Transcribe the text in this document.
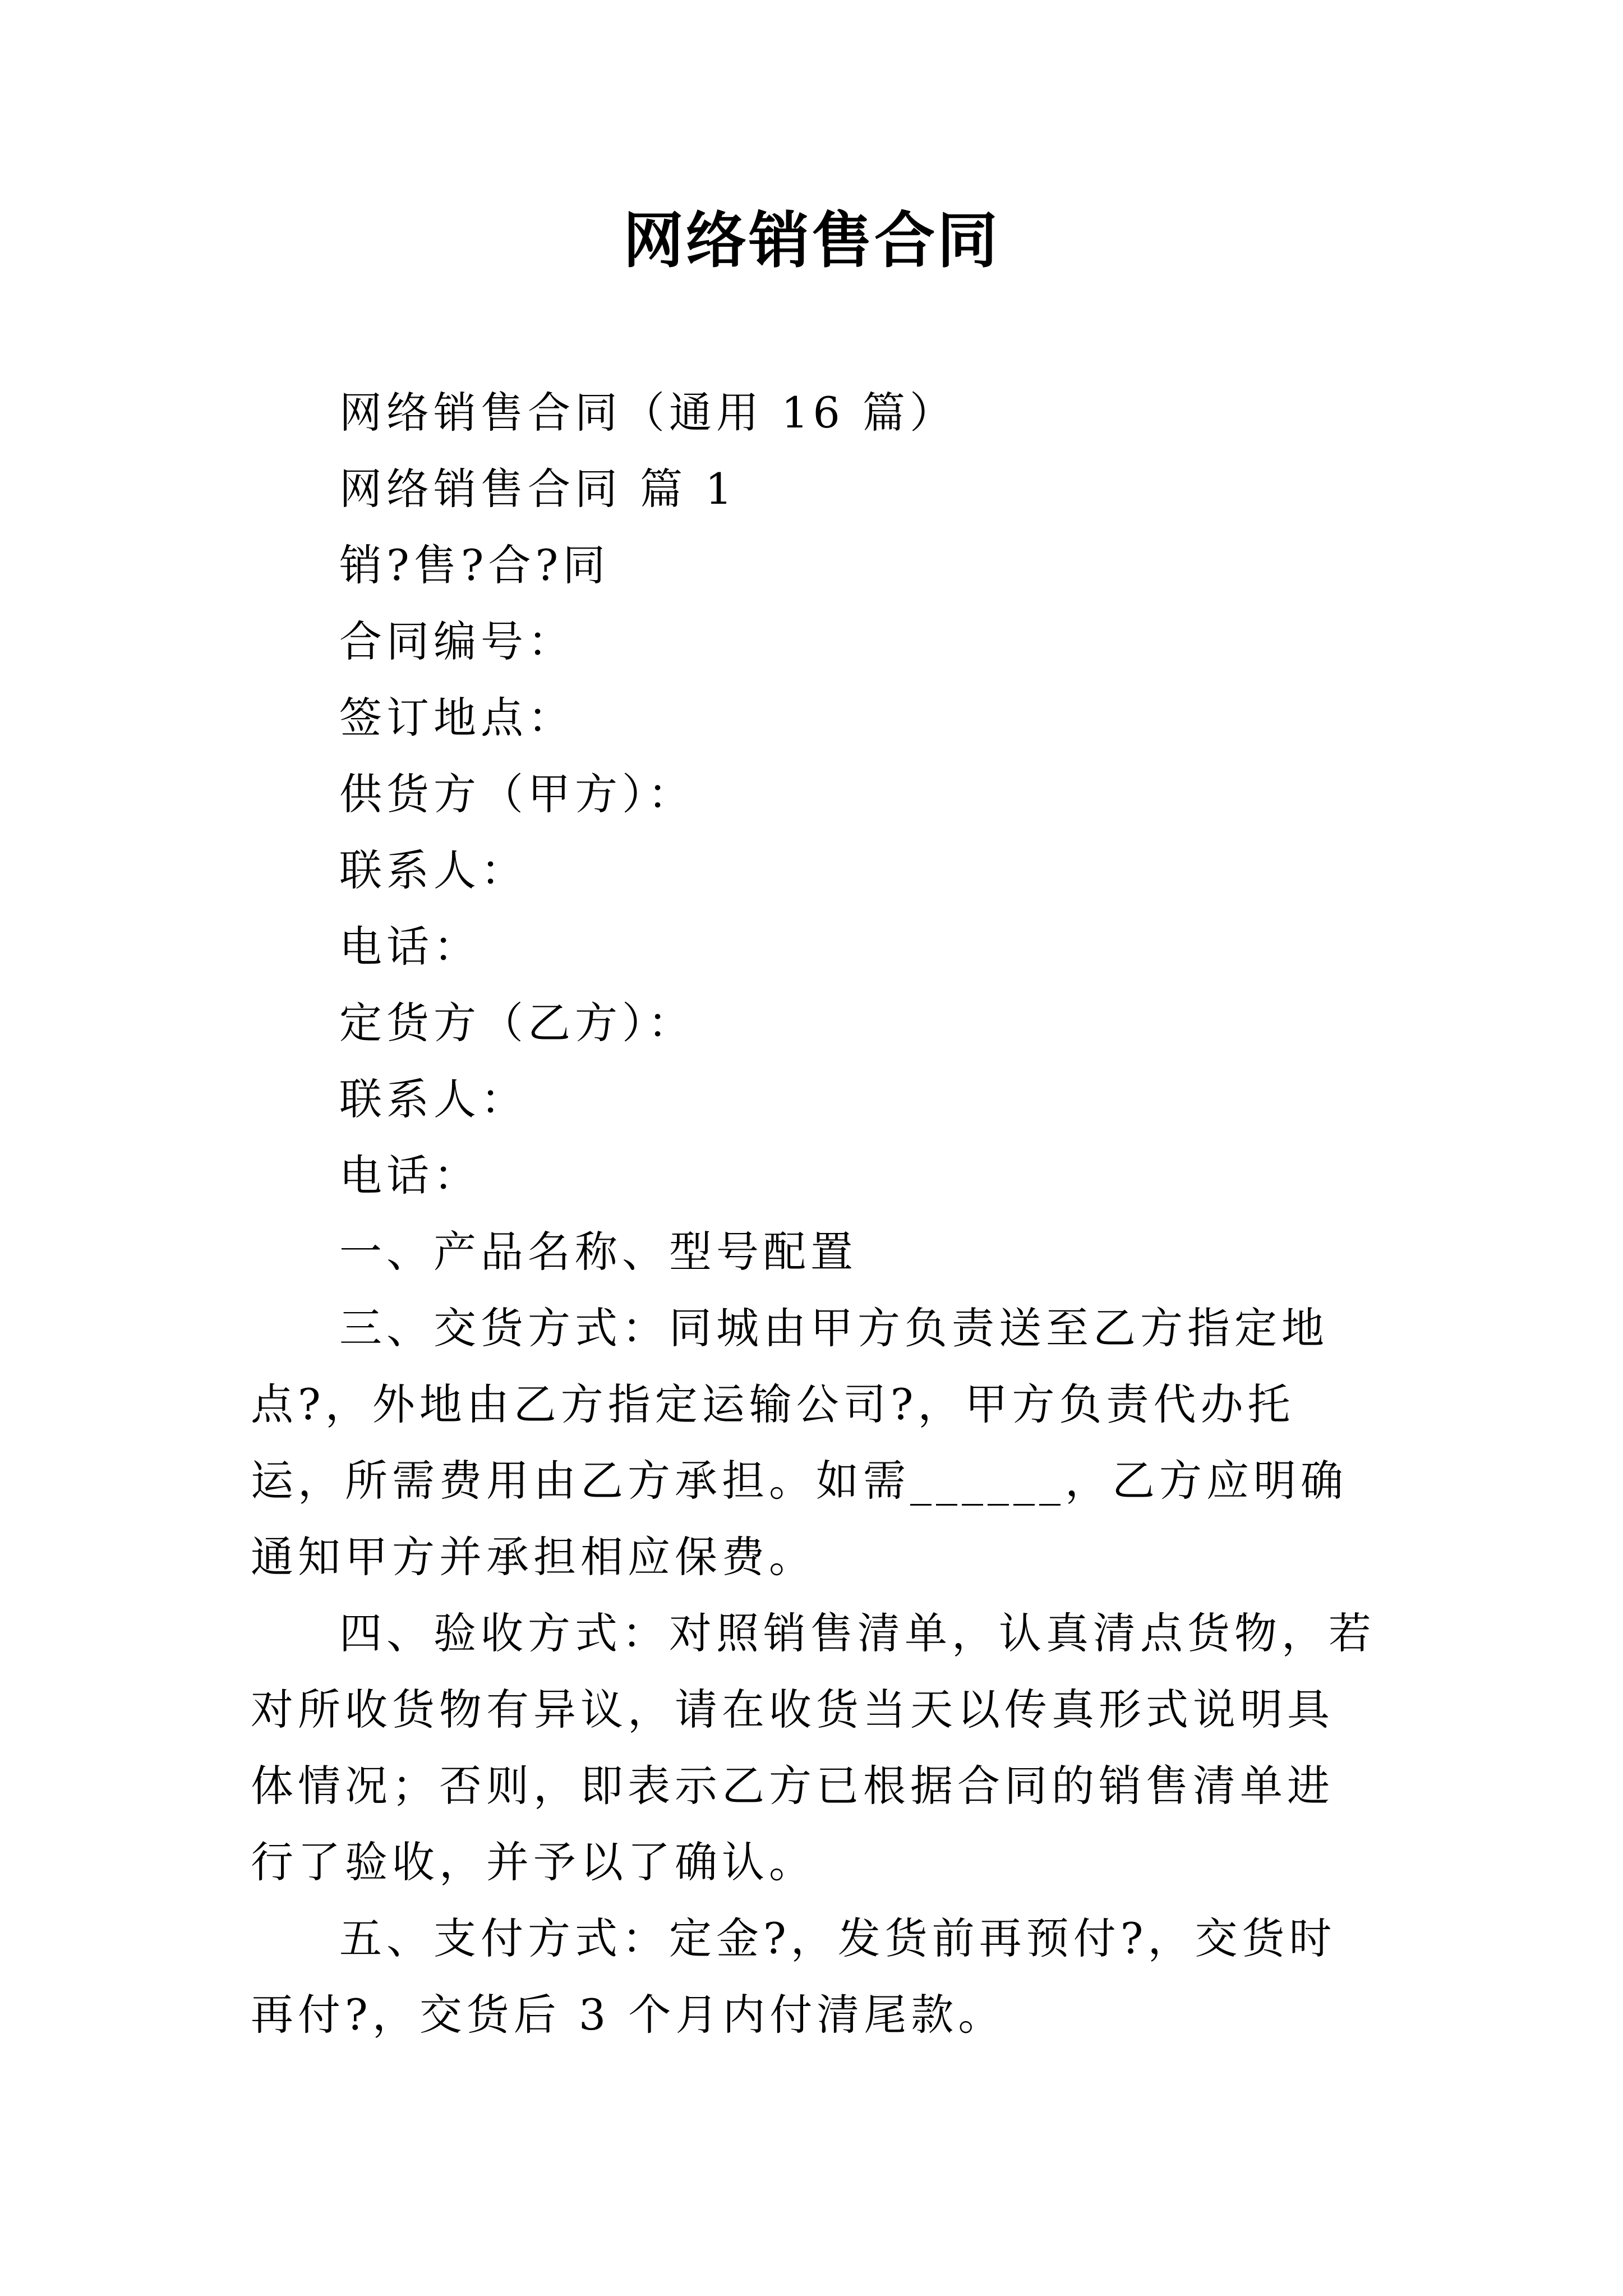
网络销售合同
网络销售合同（通用 16 篇）
网络销售合同 篇 1
销?售?合?同
合同编号：
签订地点：
供货方（甲方）：
联系人：
电话：
定货方（乙方）：
联系人：
电话：
一、产品名称、型号配置

三、交货方式：同城由甲方负责送至乙方指定地点?，外地由乙方指定运输公司?，甲方负责代办托运，所需费用由乙方承担。如需______，乙方应明确通知甲方并承担相应保费。

四、验收方式：对照销售清单，认真清点货物，若对所收货物有异议，请在收货当天以传真形式说明具体情况；否则，即表示乙方已根据合同的销售清单进行了验收，并予以了确认。

五、支付方式：定金?，发货前再预付?，交货时再付?，交货后 3 个月内付清尾款。
